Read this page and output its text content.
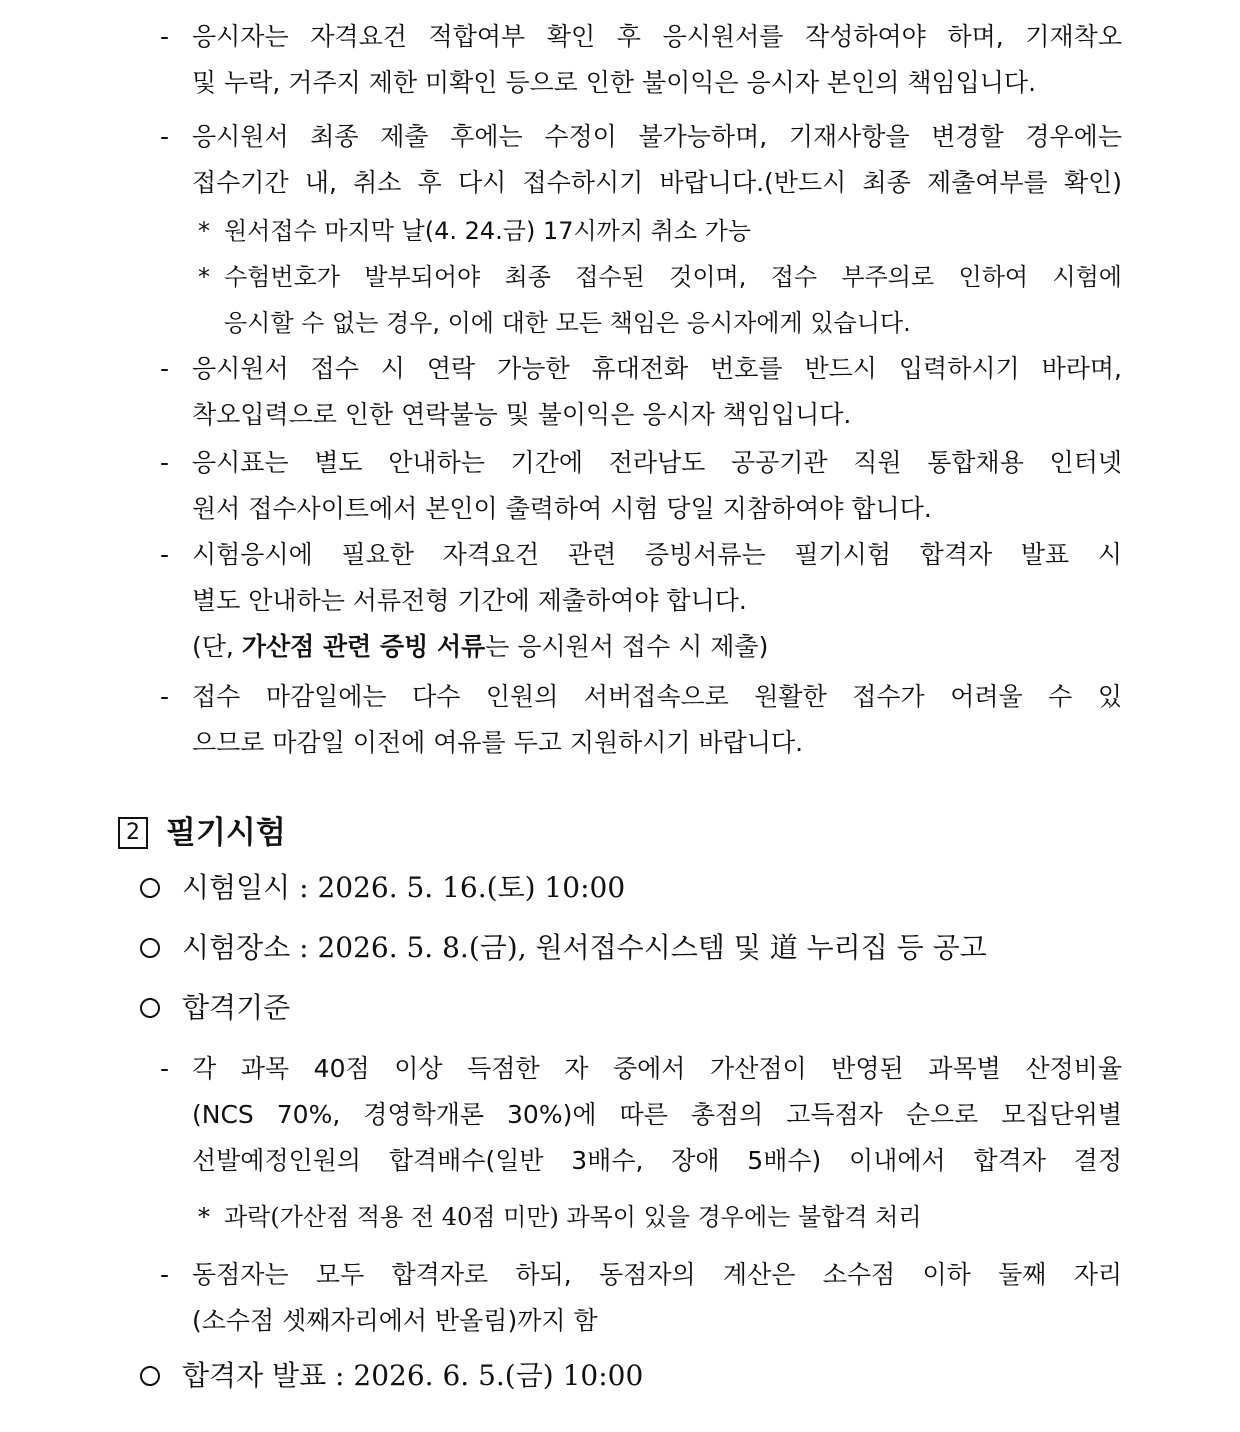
- 응시자는 자격요건 적합여부 확인 후 응시원서를 작성하여야 하며, 기재착오
및 누락, 거주지 제한 미확인 등으로 인한 불이익은 응시자 본인의 책임입니다.
- 응시원서 최종 제출 후에는 수정이 불가능하며, 기재사항을 변경할 경우에는
접수기간 내, 취소 후 다시 접수하시기 바랍니다.(반드시 최종 제출여부를 확인)
* 원서접수 마지막 날(4. 24.금) 17시까지 취소 가능
* 수험번호가 발부되어야 최종 접수된 것이며, 접수 부주의로 인하여 시험에
응시할 수 없는 경우, 이에 대한 모든 책임은 응시자에게 있습니다.
- 응시원서 접수 시 연락 가능한 휴대전화 번호를 반드시 입력하시기 바라며,
착오입력으로 인한 연락불능 및 불이익은 응시자 책임입니다.
- 응시표는 별도 안내하는 기간에 전라남도 공공기관 직원 통합채용 인터넷
원서 접수사이트에서 본인이 출력하여 시험 당일 지참하여야 합니다.
- 시험응시에 필요한 자격요건 관련 증빙서류는 필기시험 합격자 발표 시
별도 안내하는 서류전형 기간에 제출하여야 합니다.
(단, 가산점 관련 증빙 서류는 응시원서 접수 시 제출)
- 접수 마감일에는 다수 인원의 서버접속으로 원활한 접수가 어려울 수 있
으므로 마감일 이전에 여유를 두고 지원하시기 바랍니다.
2 필기시험
시험일시 : 2026. 5. 16.(토) 10:00
시험장소 : 2026. 5. 8.(금), 원서접수시스템 및 道 누리집 등 공고
합격기준
- 각 과목 40점 이상 득점한 자 중에서 가산점이 반영된 과목별 산정비율
(NCS 70%, 경영학개론 30%)에 따른 총점의 고득점자 순으로 모집단위별
선발예정인원의 합격배수(일반 3배수, 장애 5배수) 이내에서 합격자 결정
* 과락(가산점 적용 전 40점 미만) 과목이 있을 경우에는 불합격 처리
- 동점자는 모두 합격자로 하되, 동점자의 계산은 소수점 이하 둘째 자리
(소수점 셋째자리에서 반올림)까지 함
합격자 발표 : 2026. 6. 5.(금) 10:00
